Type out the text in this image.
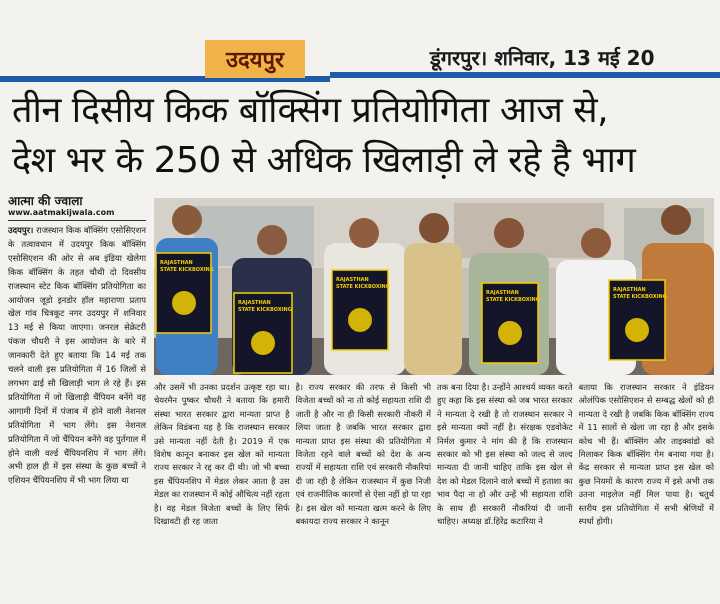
उदयपुर	डूंगरपुर। शनिवार, 13 मई 20
तीन दिसीय किक बॉक्सिंग प्रतियोगिता आज से,
देश भर के 250 से अधिक खिलाड़ी ले रहे है भाग
आत्मा की ज्वाला
www.aatmakijwala.com
उदयपुर। राजस्थान किक बॉक्सिंग एसोसिएशन के तत्वावधान में उदयपुर किक बॉक्सिंग एसोसिएशन की ओर से अब इंडिया खेलेगा किक बॉक्सिंग के तहत चौथी दो दिवसीय राजस्थान स्टेट किक बॉक्सिंग प्रतियोगिता का आयोजन जूडो इनडोर हॉल महाराणा प्रताप खेल गांव चित्रकूट नगर उदयपुर में शनिवार 13 मई से किया जाएगा। जनरल सेक्रेटरी पंकज चौधरी ने इस आयोजन के बारे में जानकारी देते हुए बताया कि 14 मई तक चलने वाली इस प्रतियोगिता में 16 जिलों से लगभग ढाई सौ खिलाड़ी भाग ले रहे हैं। इस प्रतियोगिता में जो खिलाड़ी चैंपियन बनेंगे वह आगामी दिनों में पंजाब में होने वाली नेशनल प्रतियोगिता में भाग लेंगे। इस नेशनल प्रतियोगिता में जो चैंपियन बनेंगे वह पुर्तगाल में होने वाली वर्ल्ड चैंपियनशिप में भाग लेंगे। अभी हाल ही में इस संस्था के कुछ बच्चों ने एशियन चैंपियनशिप में भी भाग लिया था
RAJASTHAN
STATE KICKBOXING
RAJASTHAN
STATE KICKBOXING
RAJASTHAN
STATE KICKBOXING
RAJASTHAN
STATE KICKBOXING
RAJASTHAN
STATE KICKBOXING
और उसमें भी उनका प्रदर्शन उत्कृष्ट रहा था। चेयरमैन पुष्कर चौधरी ने बताया कि हमारी संस्था भारत सरकार द्वारा मान्यता प्राप्त है लेकिन विडंबना यह है कि राजस्थान सरकार उसे मान्यता नहीं देती है। 2019 में एक विशेष कानून बनाकर इस खेल को मान्यता राज्य सरकार ने रद्द कर दी थी। जो भी बच्चा इस चैंपियनशिप में मेडल लेकर आता है उस मेडल का राजस्थान में कोई औचित्य नहीं रहता है। वह मेडल विजेता बच्चों के लिए सिर्फ दिखावटी ही रह जाता
है। राज्य सरकार की तरफ से किसी भी विजेता बच्चों को ना तो कोई सहायता राशि दी जाती है और ना ही किसी सरकारी नौकरी में लिया जाता है जबकि भारत सरकार द्वारा मान्यता प्राप्त इस संस्था की प्रतियोगिता में विजेता रहने वाले बच्चों को देश के अन्य राज्यों में सहायता राशि एवं सरकारी नौकरियां दी जा रही है लेकिन राजस्थान में कुछ निजी एवं राजनीतिक कारणों से ऐसा नहीं हो पा रहा है। इस खेल को मान्यता खत्म करने के लिए बकायदा राज्य सरकार ने कानून
तक बना दिया है। उन्होंने आश्चर्य व्यक्त करते हुए कहा कि इस संस्था को जब भारत सरकार ने मान्यता दे रखी है तो राजस्थान सरकार ने इसे मान्यता क्यों नहीं है। संरक्षक एडवोकेट निर्मल कुमार ने मांग की है कि राजस्थान सरकार को भी इस संस्था को जल्द से जल्द मान्यता दी जानी चाहिए ताकि इस खेल से देश को मेडल दिलाने वाले बच्चों में हताशा का भाव पैदा ना हो और उन्हें भी सहायता राशि के साथ ही सरकारी नौकरियां दी जानी चाहिए। अध्यक्ष डॉ.हिरेंद्र कटारिया ने
बताया कि राजस्थान सरकार ने इंडियन ओलंपिक एसोसिएशन से सम्बद्ध खेलों को ही मान्यता दे रखी है जबकि किक बॉक्सिंग राज्य में 11 सालों से खेला जा रहा है और इसके कोच भी हैं। बॉक्सिंग और ताइक्वांडो को मिलाकर किक बॉक्सिंग गेम बनाया गया है। केंद्र सरकार से मान्यता प्राप्त इस खेल को कुछ नियमों के कारण राज्य में इसे अभी तक उतना माइलेज नहीं मिल पाया है। चतुर्थ स्तरीय इस प्रतियोगिता में सभी श्रेणियों में स्पर्धा होगी।
